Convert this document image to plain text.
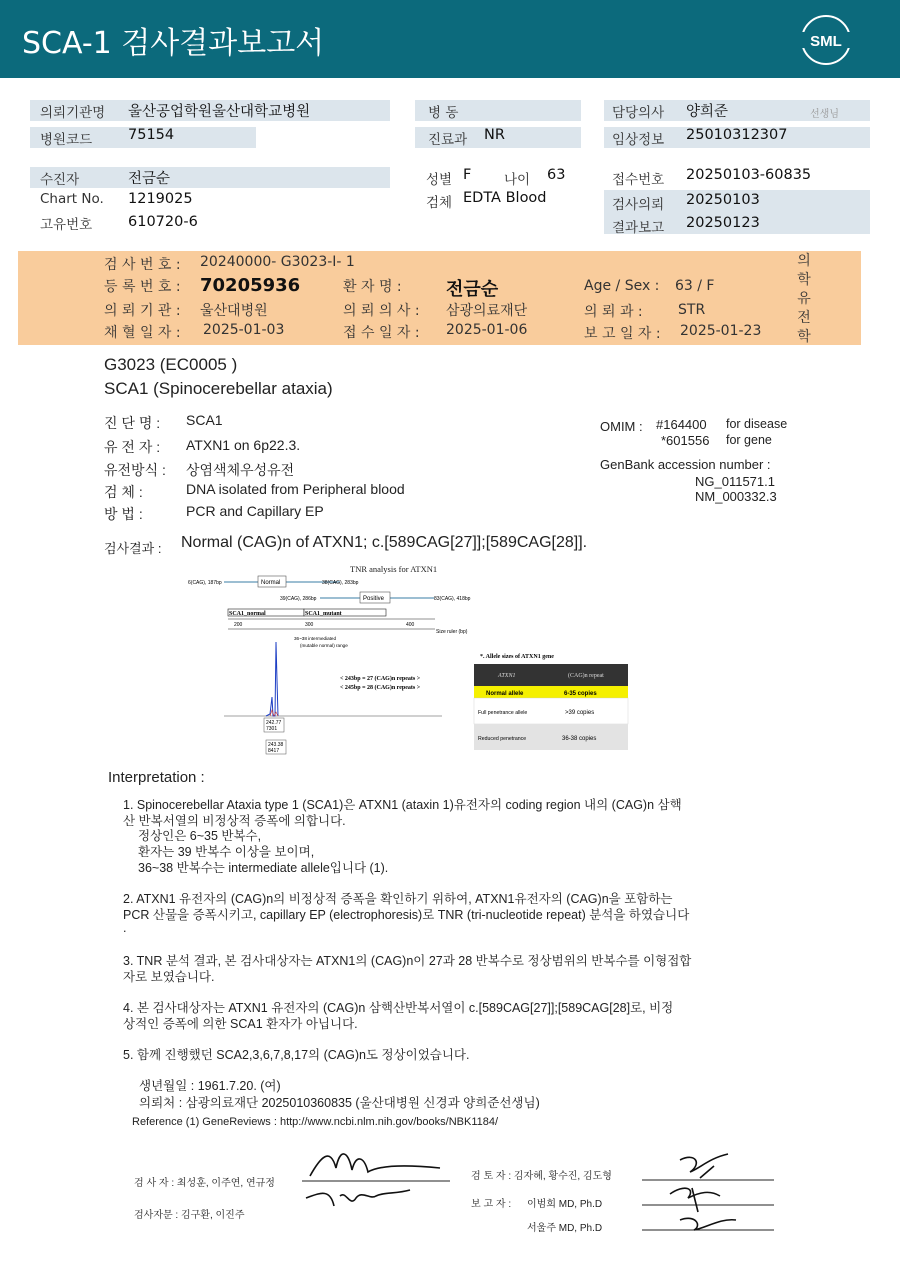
SCA-1 검사결과보고서	SML
의뢰기관명 울산공업학원울산대학교병원
병원코드 75154
병 동
진료과 NR
담당의사 양희준	선생님
임상정보 25010312307
수진자	전금순
Chart No. 1219025
고유번호 610720-6
성별 F 나이 63
검체 EDTA Blood
접수번호 20250103-60835
검사의뢰 20250103
결과보고 20250123
검 사 번 호 : 20240000- G3023-I- 1
등 록 번 호 : 70205936	환 자 명 : 전금순	Age / Sex : 63 / F
의 뢰 기 관 : 울산대병원	의 뢰 의 사 : 삼광의료재단	의 뢰 과 :	STR
채 혈 일 자 : 2025-01-03	접 수 일 자 : 2025-01-06	보 고 일 자 : 2025-01-23
의
학
유
전
학
G3023 (EC0005 )
SCA1 (Spinocerebellar ataxia)
진 단 명 : SCA1
유 전 자 : ATXN1 on 6p22.3.
유전방식 : 상염색체우성유전
검 체 :	DNA isolated from Peripheral blood
방 법 :	PCR and Capillary EP
OMIM : #164400 for disease
*601556 for gene
GenBank accession number :
NG_011571.1
NM_000332.3
검사결과 : Normal (CAG)n of ATXN1; c.[589CAG[27]];[589CAG[28]].
TNR analysis for ATXN1
Normal
6(CAG), 187bp	38(CAG), 283bp
Positive
39(CAG), 286bp	83(CAG), 418bp
SCA1_normal	SCA1_mutant
200	300	400
Size ruler (bp)
36~38 intermediated
(mutable normal) range
< 243bp = 27 (CAG)n repeats >
< 245bp = 28 (CAG)n repeats >
242.77
7301
243.38
8417
*. Allele sizes of ATXN1 gene
ATXN1	(CAG)n repeat
Normal allele	6-35 copies
Full penetrance allele	>39 copies
Reduced penetrance	36-38 copies
Interpretation :
1. Spinocerebellar Ataxia type 1 (SCA1)은 ATXN1 (ataxin 1)유전자의 coding region 내의 (CAG)n 삼핵
산 반복서열의 비정상적 증폭에 의합니다.
정상인은 6~35 반복수,
환자는 39 반복수 이상을 보이며,
36~38 반복수는 intermediate allele입니다 (1).
2. ATXN1 유전자의 (CAG)n의 비정상적 증폭을 확인하기 위하여, ATXN1유전자의 (CAG)n을 포함하는
PCR 산물을 증폭시키고, capillary EP (electrophoresis)로 TNR (tri-nucleotide repeat) 분석을 하였습니다
.
3. TNR 분석 결과, 본 검사대상자는 ATXN1의 (CAG)n이 27과 28 반복수로 정상범위의 반복수를 이형접합
자로 보였습니다.
4. 본 검사대상자는 ATXN1 유전자의 (CAG)n 삼핵산반복서열이 c.[589CAG[27]];[589CAG[28]로, 비정
상적인 증폭에 의한 SCA1 환자가 아닙니다.
5. 함께 진행했던 SCA2,3,6,7,8,17의 (CAG)n도 정상이었습니다.
생년월일 : 1961.7.20. (여)
의뢰처 : 삼광의료재단 2025010360835 (울산대병원 신경과 양희준선생님)
Reference (1) GeneReviews : http://www.ncbi.nlm.nih.gov/books/NBK1184/
검 사 자 : 최성훈, 이주연, 연규정
검사자문 : 김구환, 이진주
검 토 자 : 김자혜, 황수진, 김도형
보 고 자 : 이범희 MD, Ph.D
서울주 MD, Ph.D
